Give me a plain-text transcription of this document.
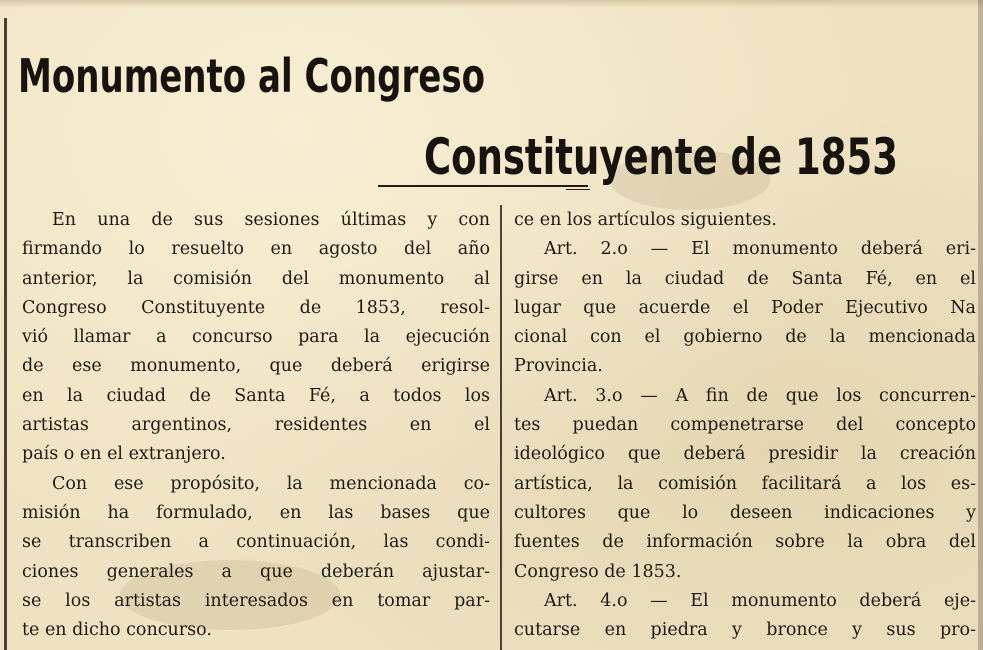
Monumento al Congreso
Constituyente de 1853
En una de sus sesiones últimas y con
firmando lo resuelto en agosto del año
anterior, la comisión del monumento al
Congreso Constituyente de 1853, resol-
vió llamar a concurso para la ejecución
de ese monumento, que deberá erigirse
en la ciudad de Santa Fé, a todos los
artistas argentinos, residentes en el
país o en el extranjero.
Con ese propósito, la mencionada co-
misión ha formulado, en las bases que
se transcriben a continuación, las condi-
ciones generales a que deberán ajustar-
se los artistas interesados en tomar par-
te en dicho concurso.
ce en los artículos siguientes.
Art. 2.o — El monumento deberá eri-
girse en la ciudad de Santa Fé, en el
lugar que acuerde el Poder Ejecutivo Na
cional con el gobierno de la mencionada
Provincia.
Art. 3.o — A fin de que los concurren-
tes puedan compenetrarse del concepto
ideológico que deberá presidir la creación
artística, la comisión facilitará a los es-
cultores que lo deseen indicaciones y
fuentes de información sobre la obra del
Congreso de 1853.
Art. 4.o — El monumento deberá eje-
cutarse en piedra y bronce y sus pro-
